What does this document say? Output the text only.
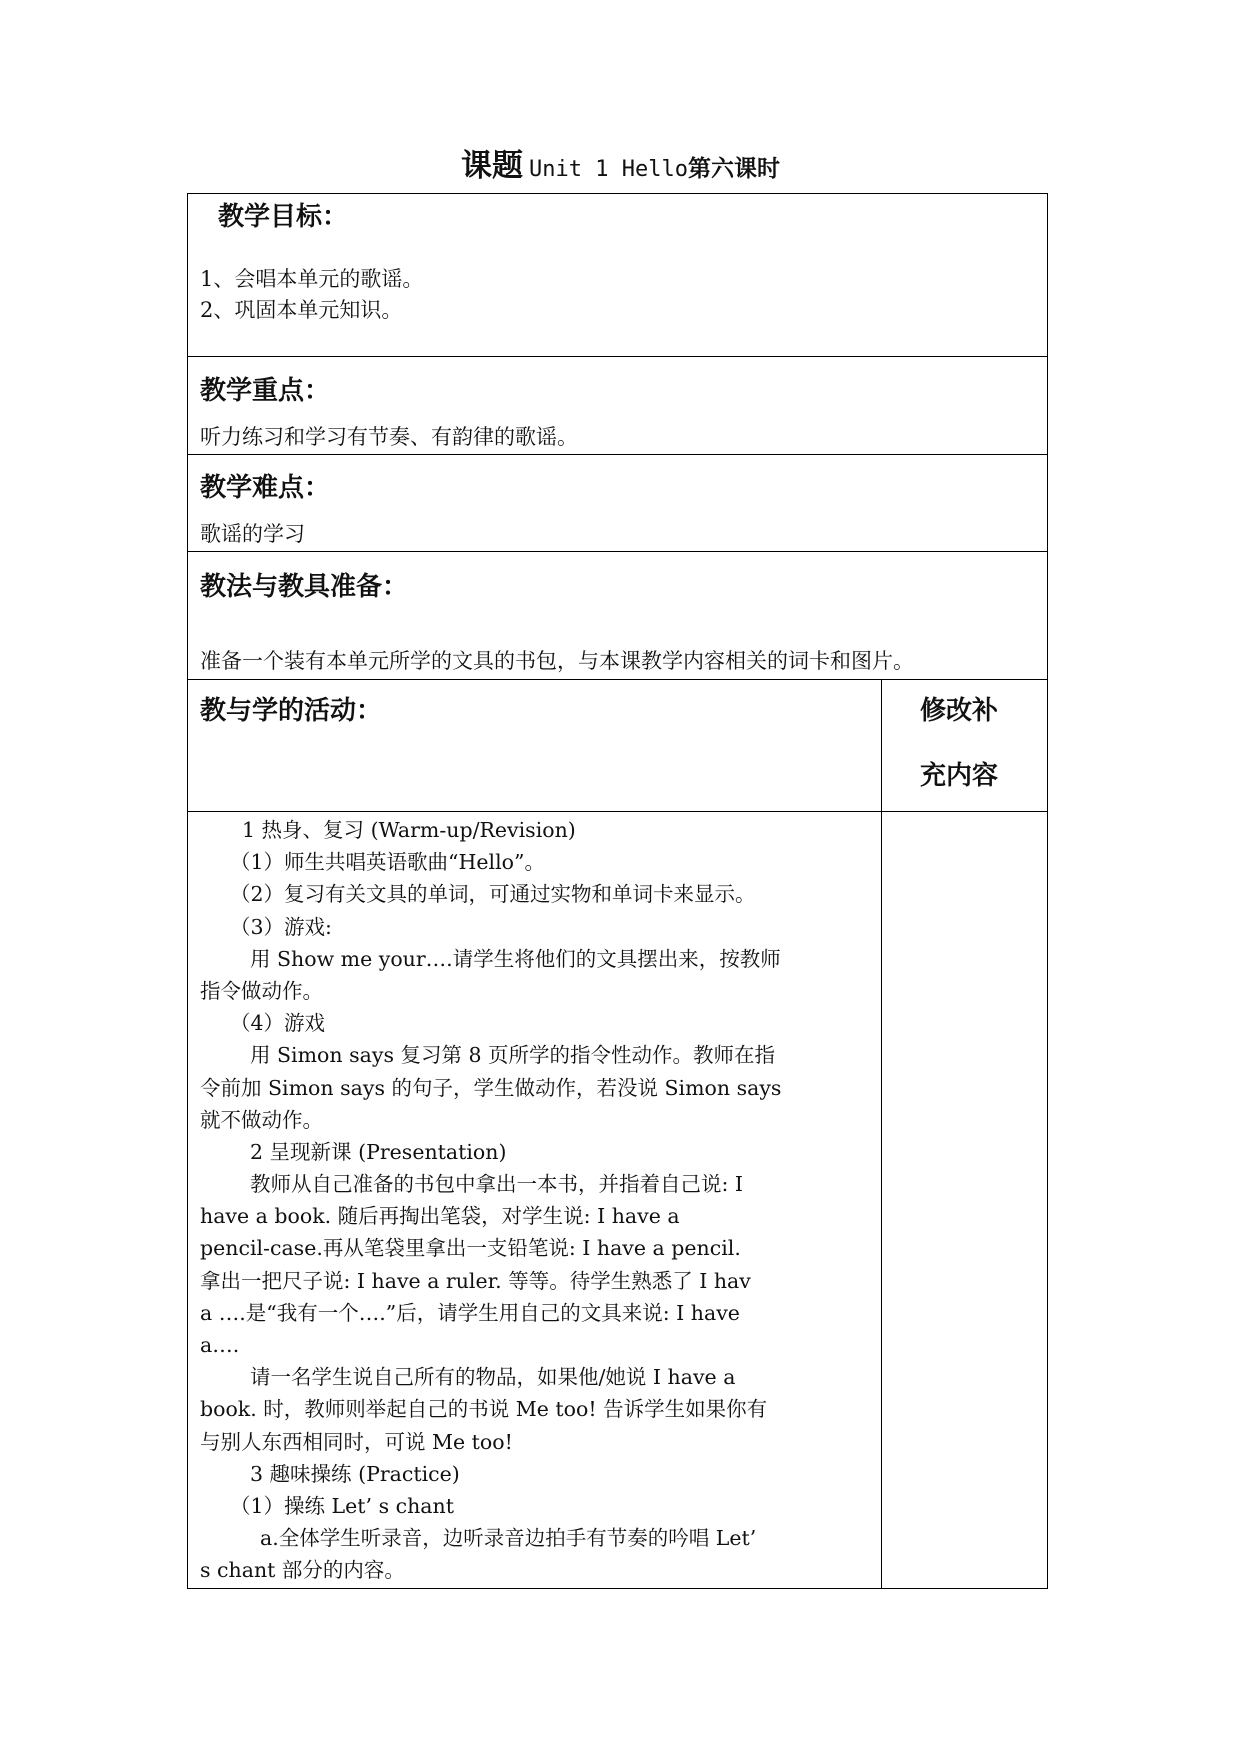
课题 Unit 1 Hello第六课时
教学目标：
1、会唱本单元的歌谣。
2、巩固本单元知识。
教学重点：
听力练习和学习有节奏、有韵律的歌谣。
教学难点：
歌谣的学习
教法与教具准备：
准备一个装有本单元所学的文具的书包，与本课教学内容相关的词卡和图片。
教与学的活动：	修改补
充内容
1 热身、复习 (Warm-up/Revision)
（1）师生共唱英语歌曲“Hello”。
（2）复习有关文具的单词，可通过实物和单词卡来显示。
（3）游戏:
用 Show me your….请学生将他们的文具摆出来，按教师
指令做动作。
（4）游戏
用 Simon says 复习第 8 页所学的指令性动作。教师在指
令前加 Simon says 的句子，学生做动作，若没说 Simon says
就不做动作。
2 呈现新课 (Presentation)
教师从自己准备的书包中拿出一本书，并指着自己说: I
have a book. 随后再掏出笔袋，对学生说: I have a
pencil-case.再从笔袋里拿出一支铅笔说: I have a pencil.
拿出一把尺子说: I have a ruler. 等等。待学生熟悉了 I hav
a ….是“我有一个….”后，请学生用自己的文具来说: I have
a….
请一名学生说自己所有的物品，如果他/她说 I have a
book. 时，教师则举起自己的书说 Me too! 告诉学生如果你有
与别人东西相同时，可说 Me too!
3 趣味操练 (Practice)
（1）操练 Let’ s chant
a.全体学生听录音，边听录音边拍手有节奏的吟唱 Let’
s chant 部分的内容。
